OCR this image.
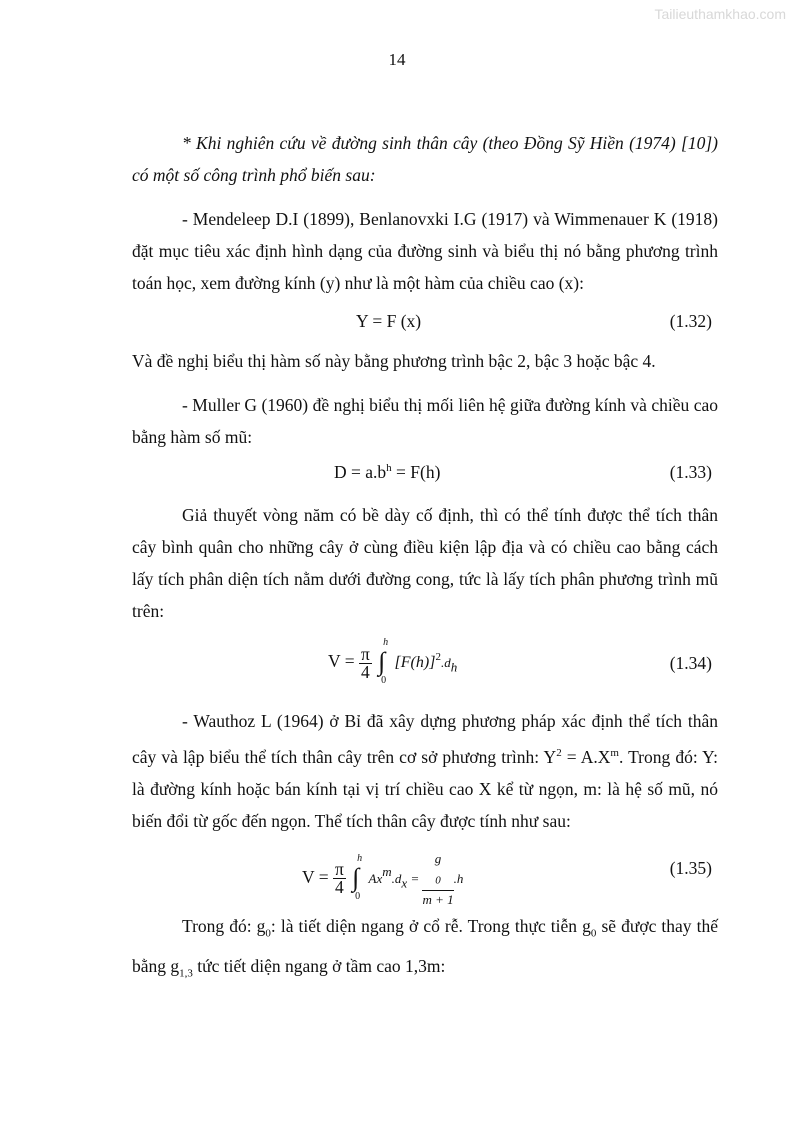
Tailieuthamkhao.com
14
* Khi nghiên cứu về đường sinh thân cây (theo Đồng Sỹ Hiền (1974) [10]) có một số công trình phổ biến sau:
- Mendeleep D.I (1899), Benlanovxki I.G (1917) và Wimmenauer K (1918) đặt mục tiêu xác định hình dạng của đường sinh và biểu thị nó bằng phương trình toán học, xem đường kính (y) như là một hàm của chiều cao (x):
Y = F (x)	(1.32)
Và đề nghị biểu thị hàm số này bằng phương trình bậc 2, bậc 3 hoặc bậc 4.
- Muller G (1960) đề nghị biểu thị mối liên hệ giữa đường kính và chiều cao bằng hàm số mũ:
$D = a.b^h = F(h)$	(1.33)
Giả thuyết vòng năm có bề dày cố định, thì có thể tính được thể tích thân cây bình quân cho những cây ở cùng điều kiện lập địa và có chiều cao bằng cách lấy tích phân diện tích nằm dưới đường cong, tức là lấy tích phân phương trình mũ trên:
$V = \frac{\pi}{4}$
∫
h
0
$[F(h)]^2.d_h$	(1.34)
- Wauthoz L (1964) ở Bỉ đã xây dựng phương pháp xác định thể tích thân cây và lập biểu thể tích thân cây trên cơ sở phương trình: $Y^2 = A.X^m$. Trong đó: Y: là đường kính hoặc bán kính tại vị trí chiều cao X kể từ ngọn, m: là hệ số mũ, nó biến đổi từ gốc đến ngọn. Thể tích thân cây được tính như sau:
$V = \frac{\pi}{4}$
∫
h
0
$Ax^m.d_x = g$
$_0$
m + 1 .h
(1.35)
Trong đó: $g_0$: là tiết diện ngang ở cổ rễ. Trong thực tiễn $g_0$ sẽ được thay thế bằng $g_{1,3}$ tức tiết diện ngang ở tầm cao 1,3m:
